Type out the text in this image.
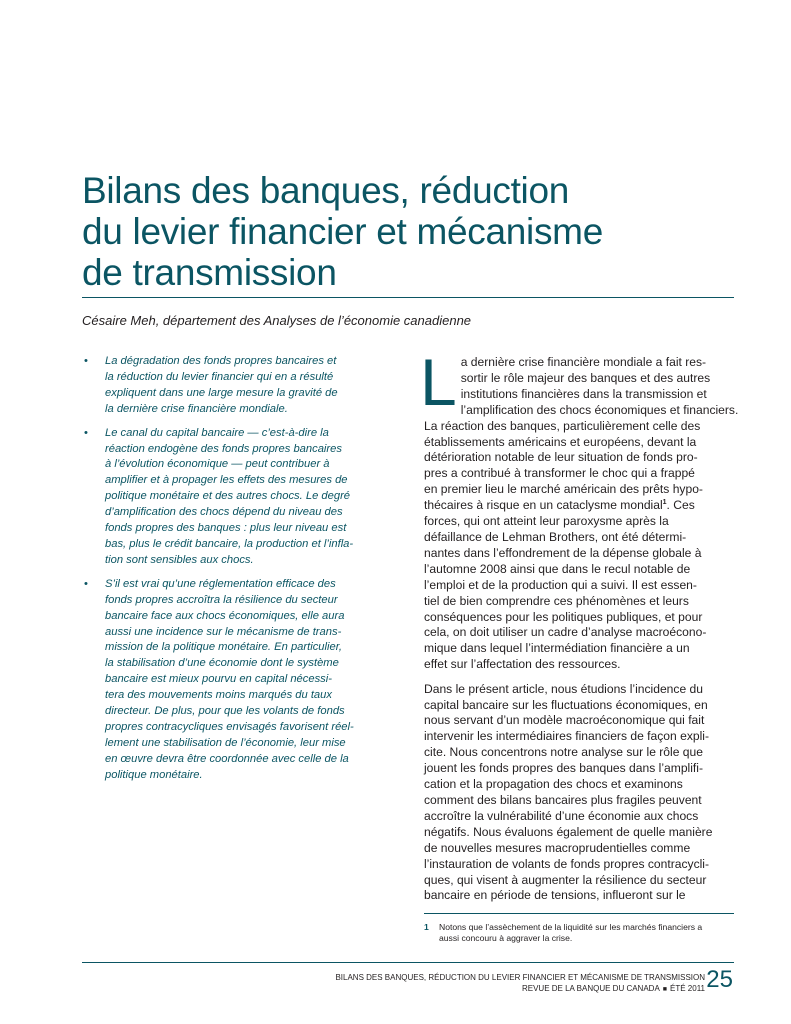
Bilans des banques, réduction
du levier financier et mécanisme
de transmission

Césaire Meh, département des Analyses de l’économie canadienne

• La dégradation des fonds propres bancaires et
la réduction du levier financier qui en a résulté
expliquent dans une large mesure la gravité de
la dernière crise financière mondiale.
• Le canal du capital bancaire — c’est-à-dire la
réaction endogène des fonds propres bancaires
à l’évolution économique — peut contribuer à
amplifier et à propager les effets des mesures de
politique monétaire et des autres chocs. Le degré
d’amplification des chocs dépend du niveau des
fonds propres des banques : plus leur niveau est
bas, plus le crédit bancaire, la production et l’infla-
tion sont sensibles aux chocs.
• S’il est vrai qu’une réglementation efficace des
fonds propres accroîtra la résilience du secteur
bancaire face aux chocs économiques, elle aura
aussi une incidence sur le mécanisme de trans-
mission de la politique monétaire. En particulier,
la stabilisation d’une économie dont le système
bancaire est mieux pourvu en capital nécessi-
tera des mouvements moins marqués du taux
directeur. De plus, pour que les volants de fonds
propres contracycliques envisagés favorisent réel-
lement une stabilisation de l’économie, leur mise
en œuvre devra être coordonnée avec celle de la
politique monétaire.

L a dernière crise financière mondiale a fait res-
sortir le rôle majeur des banques et des autres
institutions financières dans la transmission et
l’amplification des chocs économiques et financiers.
La réaction des banques, particulièrement celle des
établissements américains et européens, devant la
détérioration notable de leur situation de fonds pro-
pres a contribué à transformer le choc qui a frappé
en premier lieu le marché américain des prêts hypo-
thécaires à risque en un cataclysme mondial$^1$. Ces
forces, qui ont atteint leur paroxysme après la
défaillance de Lehman Brothers, ont été détermi-
nantes dans l’effondrement de la dépense globale à
l’automne 2008 ainsi que dans le recul notable de
l’emploi et de la production qui a suivi. Il est essen-
tiel de bien comprendre ces phénomènes et leurs
conséquences pour les politiques publiques, et pour
cela, on doit utiliser un cadre d’analyse macroécono-
mique dans lequel l’intermédiation financière a un
effet sur l’affectation des ressources.

Dans le présent article, nous étudions l’incidence du
capital bancaire sur les fluctuations économiques, en
nous servant d’un modèle macroéconomique qui fait
intervenir les intermédiaires financiers de façon expli-
cite. Nous concentrons notre analyse sur le rôle que
jouent les fonds propres des banques dans l’amplifi-
cation et la propagation des chocs et examinons
comment des bilans bancaires plus fragiles peuvent
accroître la vulnérabilité d’une économie aux chocs
négatifs. Nous évaluons également de quelle manière
de nouvelles mesures macroprudentielles comme
l’instauration de volants de fonds propres contracycli-
ques, qui visent à augmenter la résilience du secteur
bancaire en période de tensions, influeront sur le

1 Notons que l’assèchement de la liquidité sur les marchés financiers a
aussi concouru à aggraver la crise.
BILANS DES BANQUES, RÉDUCTION DU LEVIER FINANCIER ET MÉCANISME DE TRANSMISSION
REVUE DE LA BANQUE DU CANADA ■ ÉTÉ 2011 25
